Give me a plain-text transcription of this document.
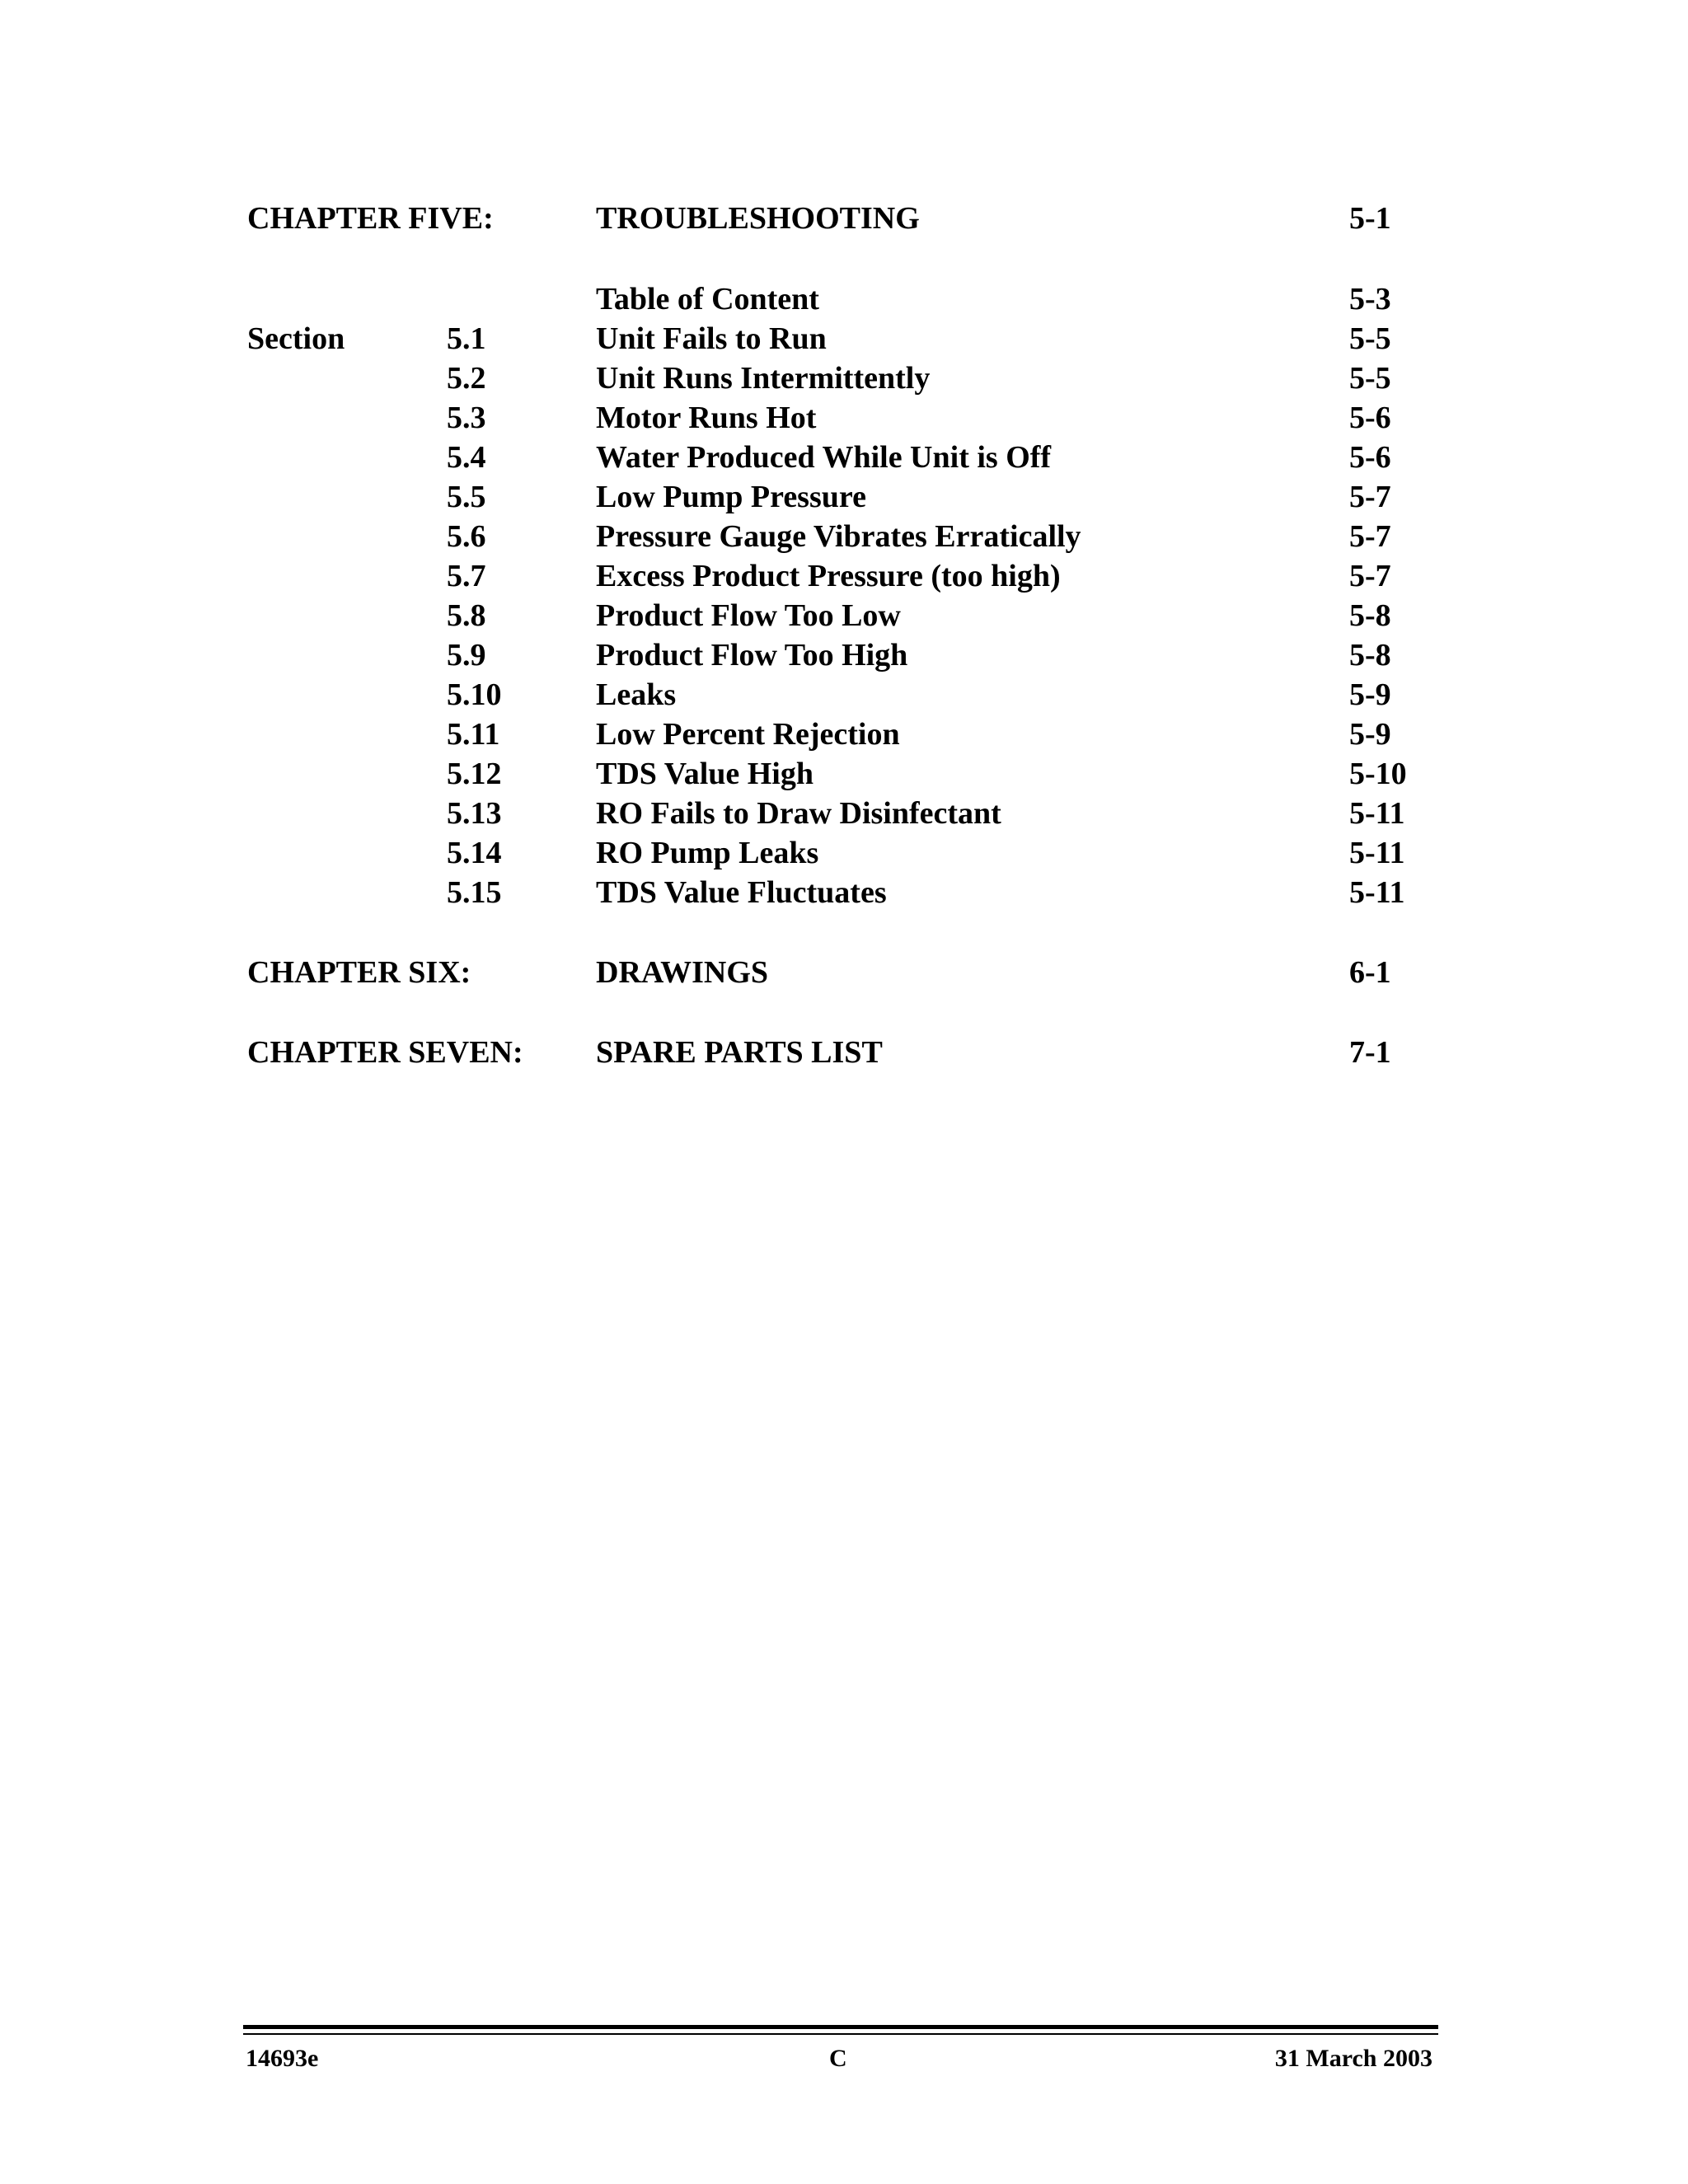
CHAPTER FIVE:	TROUBLESHOOTING	5-1
Table of Content	5-3
Section	5.1	Unit Fails to Run	5-5
5.2	Unit Runs Intermittently	5-5
5.3	Motor Runs Hot	5-6
5.4	Water Produced While Unit is Off	5-6
5.5	Low Pump Pressure	5-7
5.6	Pressure Gauge Vibrates Erratically	5-7
5.7	Excess Product Pressure (too high)	5-7
5.8	Product Flow Too Low	5-8
5.9	Product Flow Too High	5-8
5.10	Leaks	5-9
5.11	Low Percent Rejection	5-9
5.12	TDS Value High	5-10
5.13	RO Fails to Draw Disinfectant	5-11
5.14	RO Pump Leaks	5-11
5.15	TDS Value Fluctuates	5-11
CHAPTER SIX:	DRAWINGS	6-1
CHAPTER SEVEN: SPARE PARTS LIST	7-1
14693e	C	31 March 2003
